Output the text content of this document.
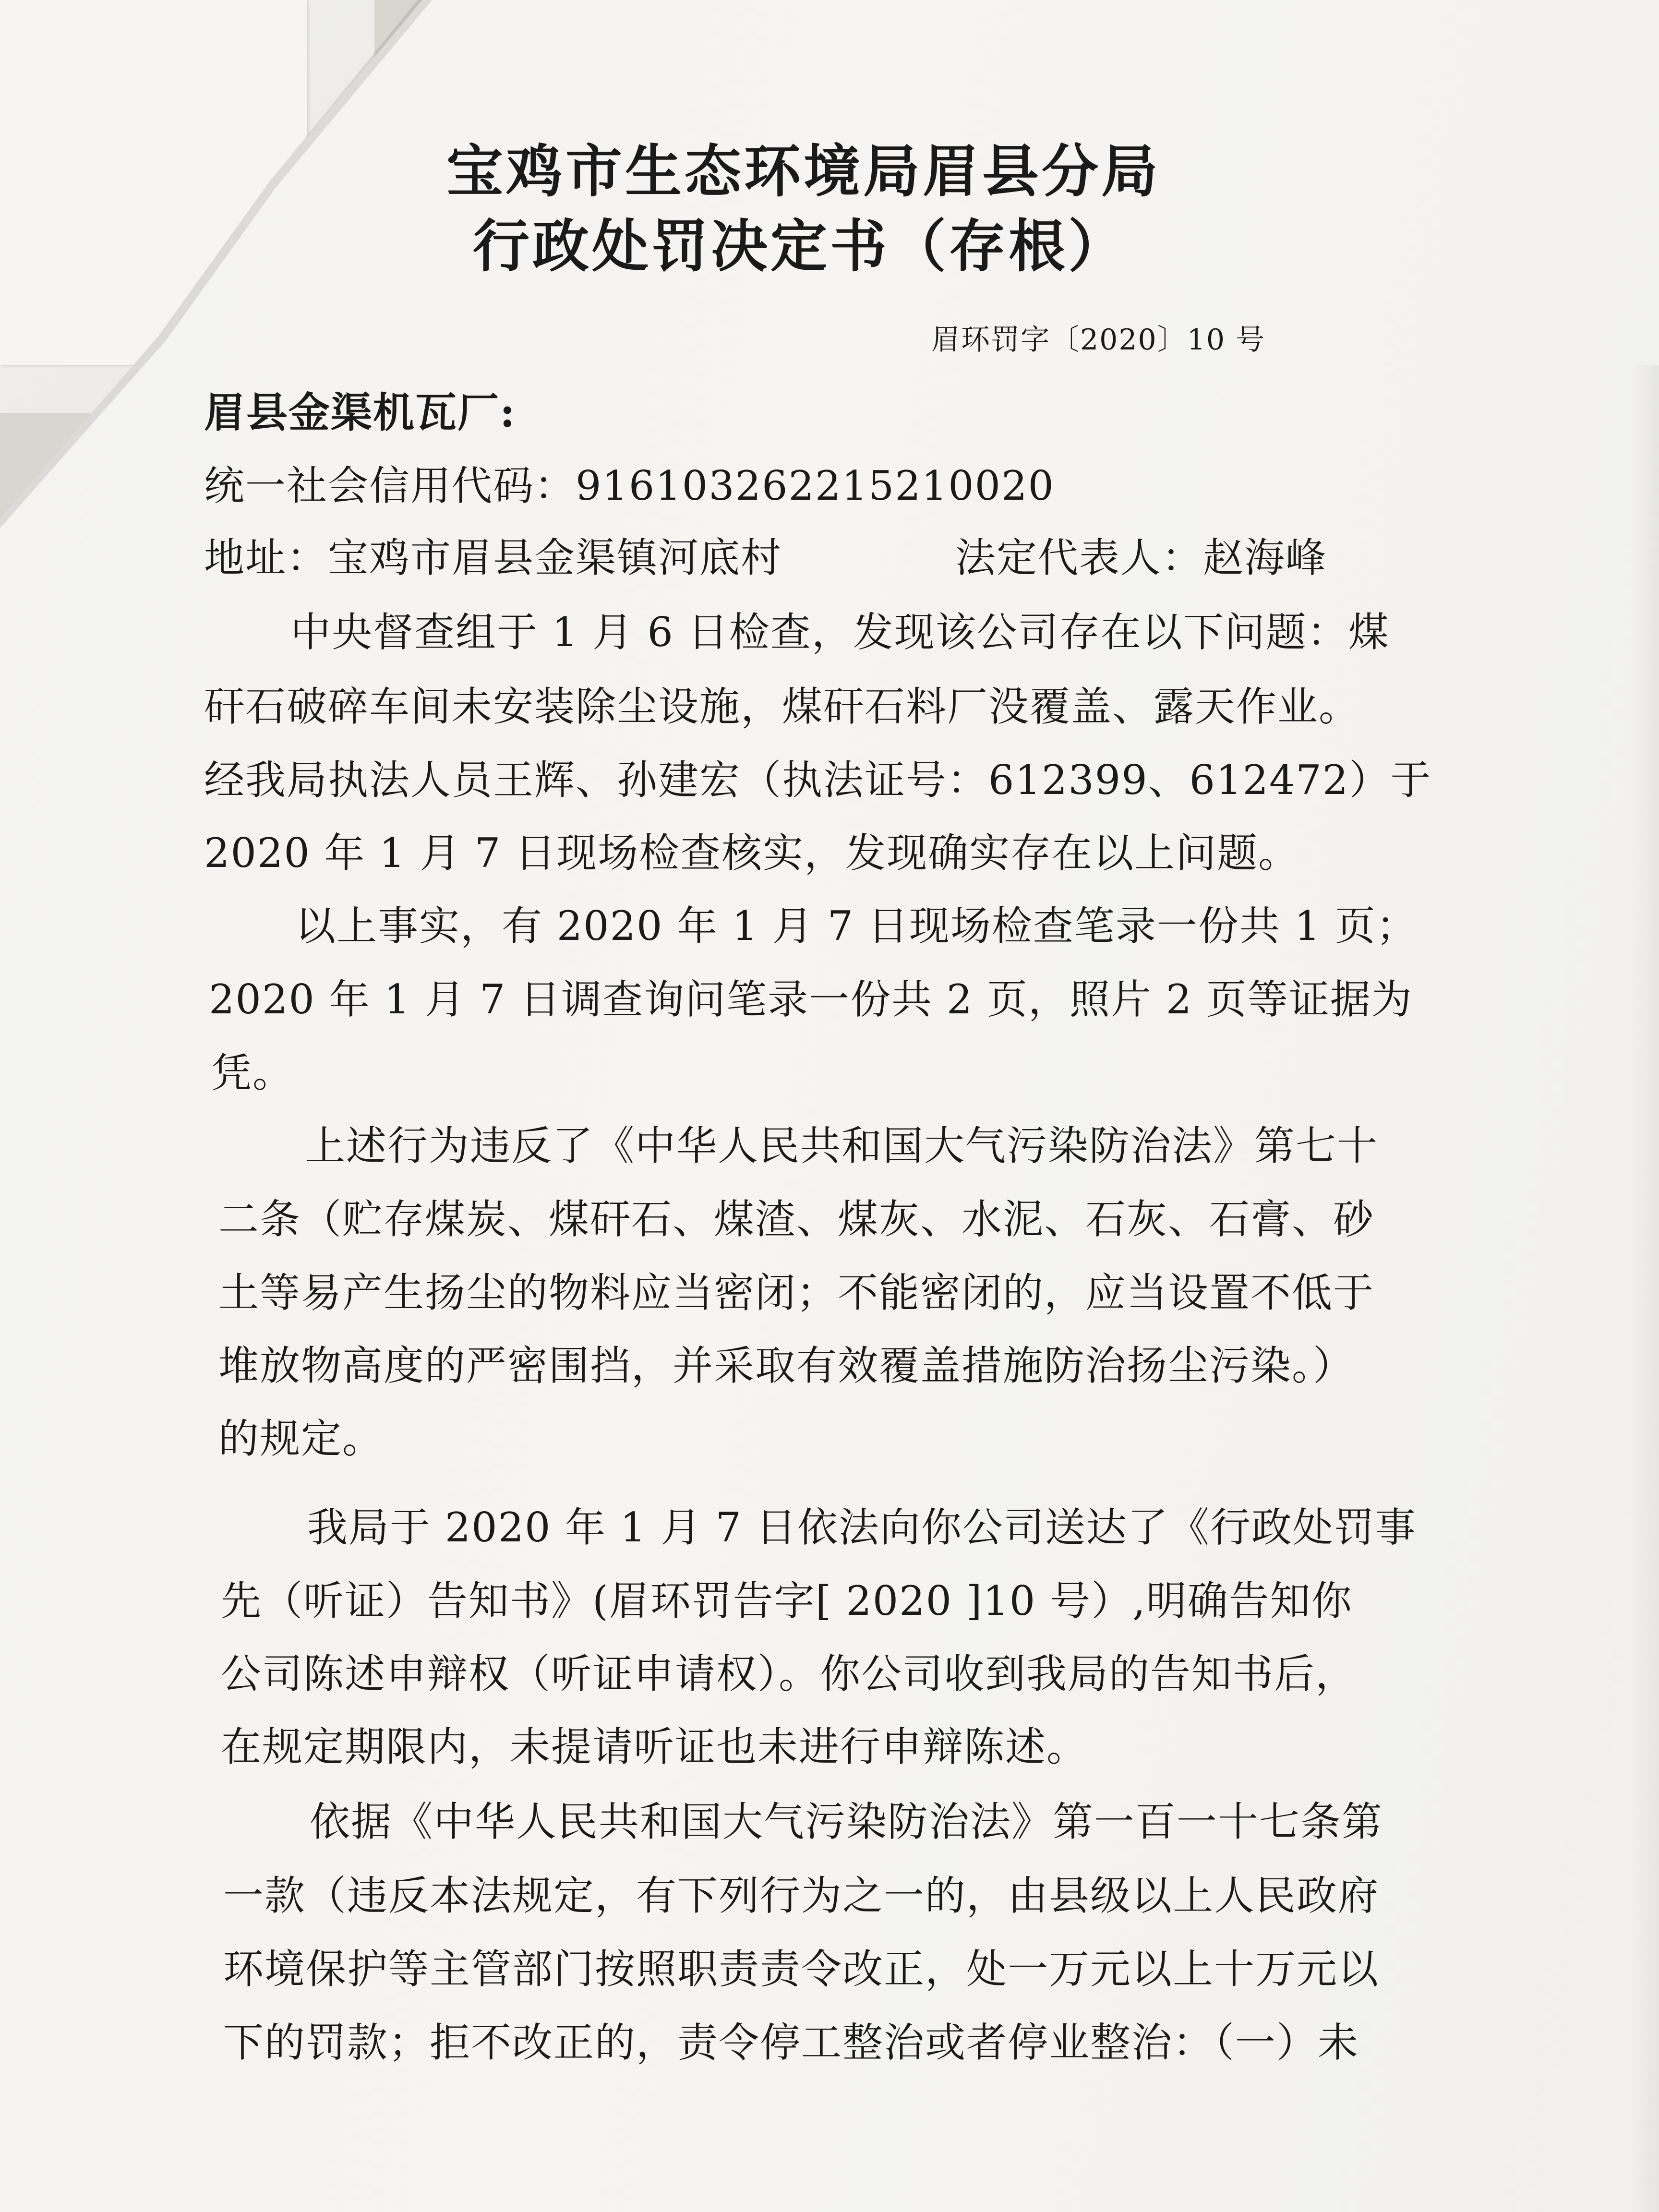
宝鸡市生态环境局眉县分局
行政处罚决定书（存根）
眉环罚字〔2020〕10 号
眉县金渠机瓦厂:
统一社会信用代码：916103262215210020
地址：宝鸡市眉县金渠镇河底村	法定代表人：赵海峰
中央督查组于 1 月 6 日检查，发现该公司存在以下问题：煤
矸石破碎车间未安装除尘设施，煤矸石料厂没覆盖、露天作业。
经我局执法人员王辉、孙建宏（执法证号：612399、612472）于
2020 年 1 月 7 日现场检查核实，发现确实存在以上问题。
以上事实，有 2020 年 1 月 7 日现场检查笔录一份共 1 页；
2020 年 1 月 7 日调查询问笔录一份共 2 页，照片 2 页等证据为
凭。
上述行为违反了《中华人民共和国大气污染防治法》第七十
二条（贮存煤炭、煤矸石、煤渣、煤灰、水泥、石灰、石膏、砂
土等易产生扬尘的物料应当密闭；不能密闭的，应当设置不低于
堆放物高度的严密围挡，并采取有效覆盖措施防治扬尘污染。）
的规定。
我局于 2020 年 1 月 7 日依法向你公司送达了《行政处罚事
先（听证）告知书》(眉环罚告字[ 2020 ]10 号）,明确告知你
公司陈述申辩权（听证申请权）。你公司收到我局的告知书后，
在规定期限内，未提请听证也未进行申辩陈述。
依据《中华人民共和国大气污染防治法》第一百一十七条第
一款（违反本法规定，有下列行为之一的，由县级以上人民政府
环境保护等主管部门按照职责责令改正，处一万元以上十万元以
下的罚款；拒不改正的，责令停工整治或者停业整治：（一）未
